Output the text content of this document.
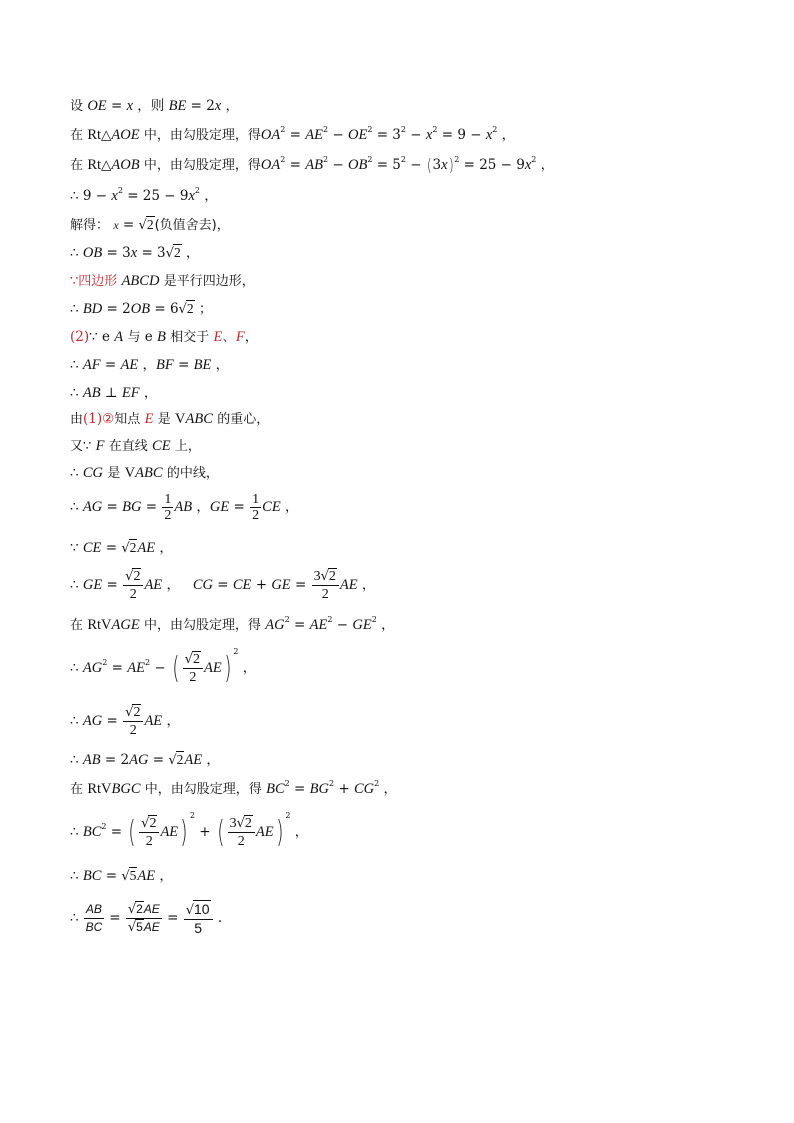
设 OE = x ，则 BE = 2x ，
在 Rt△AOE 中，由勾股定理，得$OA^2 = AE^2 - OE^2 = 3^2 - x^2 = 9 - x^2$ ，
在 Rt△AOB 中，由勾股定理，得$OA^2 = AB^2 - OB^2 = 5^2 - (3x)^2 = 25 - 9x^2$ ，
∴ $9 - x^2 = 25 - 9x^2$ ，
解得： x = √2(负值舍去)，
∴ OB = 3x = 3√2 ，
∵四边形 ABCD 是平行四边形，
∴ BD = 2OB = 6√2 ；
(2)∵ e A 与 e B 相交于 E、F，
∴ AF = AE ，BF = BE ，
∴ AB ⊥ EF ，
由(1)②知点 E 是 VABC 的重心，
又∵ F 在直线 CE 上，
∴ CG 是 VABC 的中线，
∴ AG = BG = $\frac{1}{2}$ AB ，GE = $\frac{1}{2}$ CE ，
∵ CE = √2AE ，
∴ GE = $\frac{√2}{2}$ AE ，   CG = CE + GE = $\frac{3√2}{2}$ AE ，
在 RtVAGE 中，由勾股定理，得 $AG^2 = AE^2 - GE^2$ ，
∴ $AG^2 = AE^2$ − ( $\frac{√2}{2} AE$) $^2$ ，
∴ AG = $\frac{√2}{2}$ AE ，
∴ AB = 2AG = √2AE ，
在 RtVBGC 中，由勾股定理，得 $BC^2 = BG^2 + CG^2$ ，
∴ $BC^2$ = ( $\frac{√2}{2} AE$) $^2$ + ( $\frac{3√2}{2} AE$) $^2$ ，
∴ BC = √5AE ，
∴ $\frac{AB}{BC} = \frac{√2AE}{√5AE} = \frac{√10}{5}$ .
